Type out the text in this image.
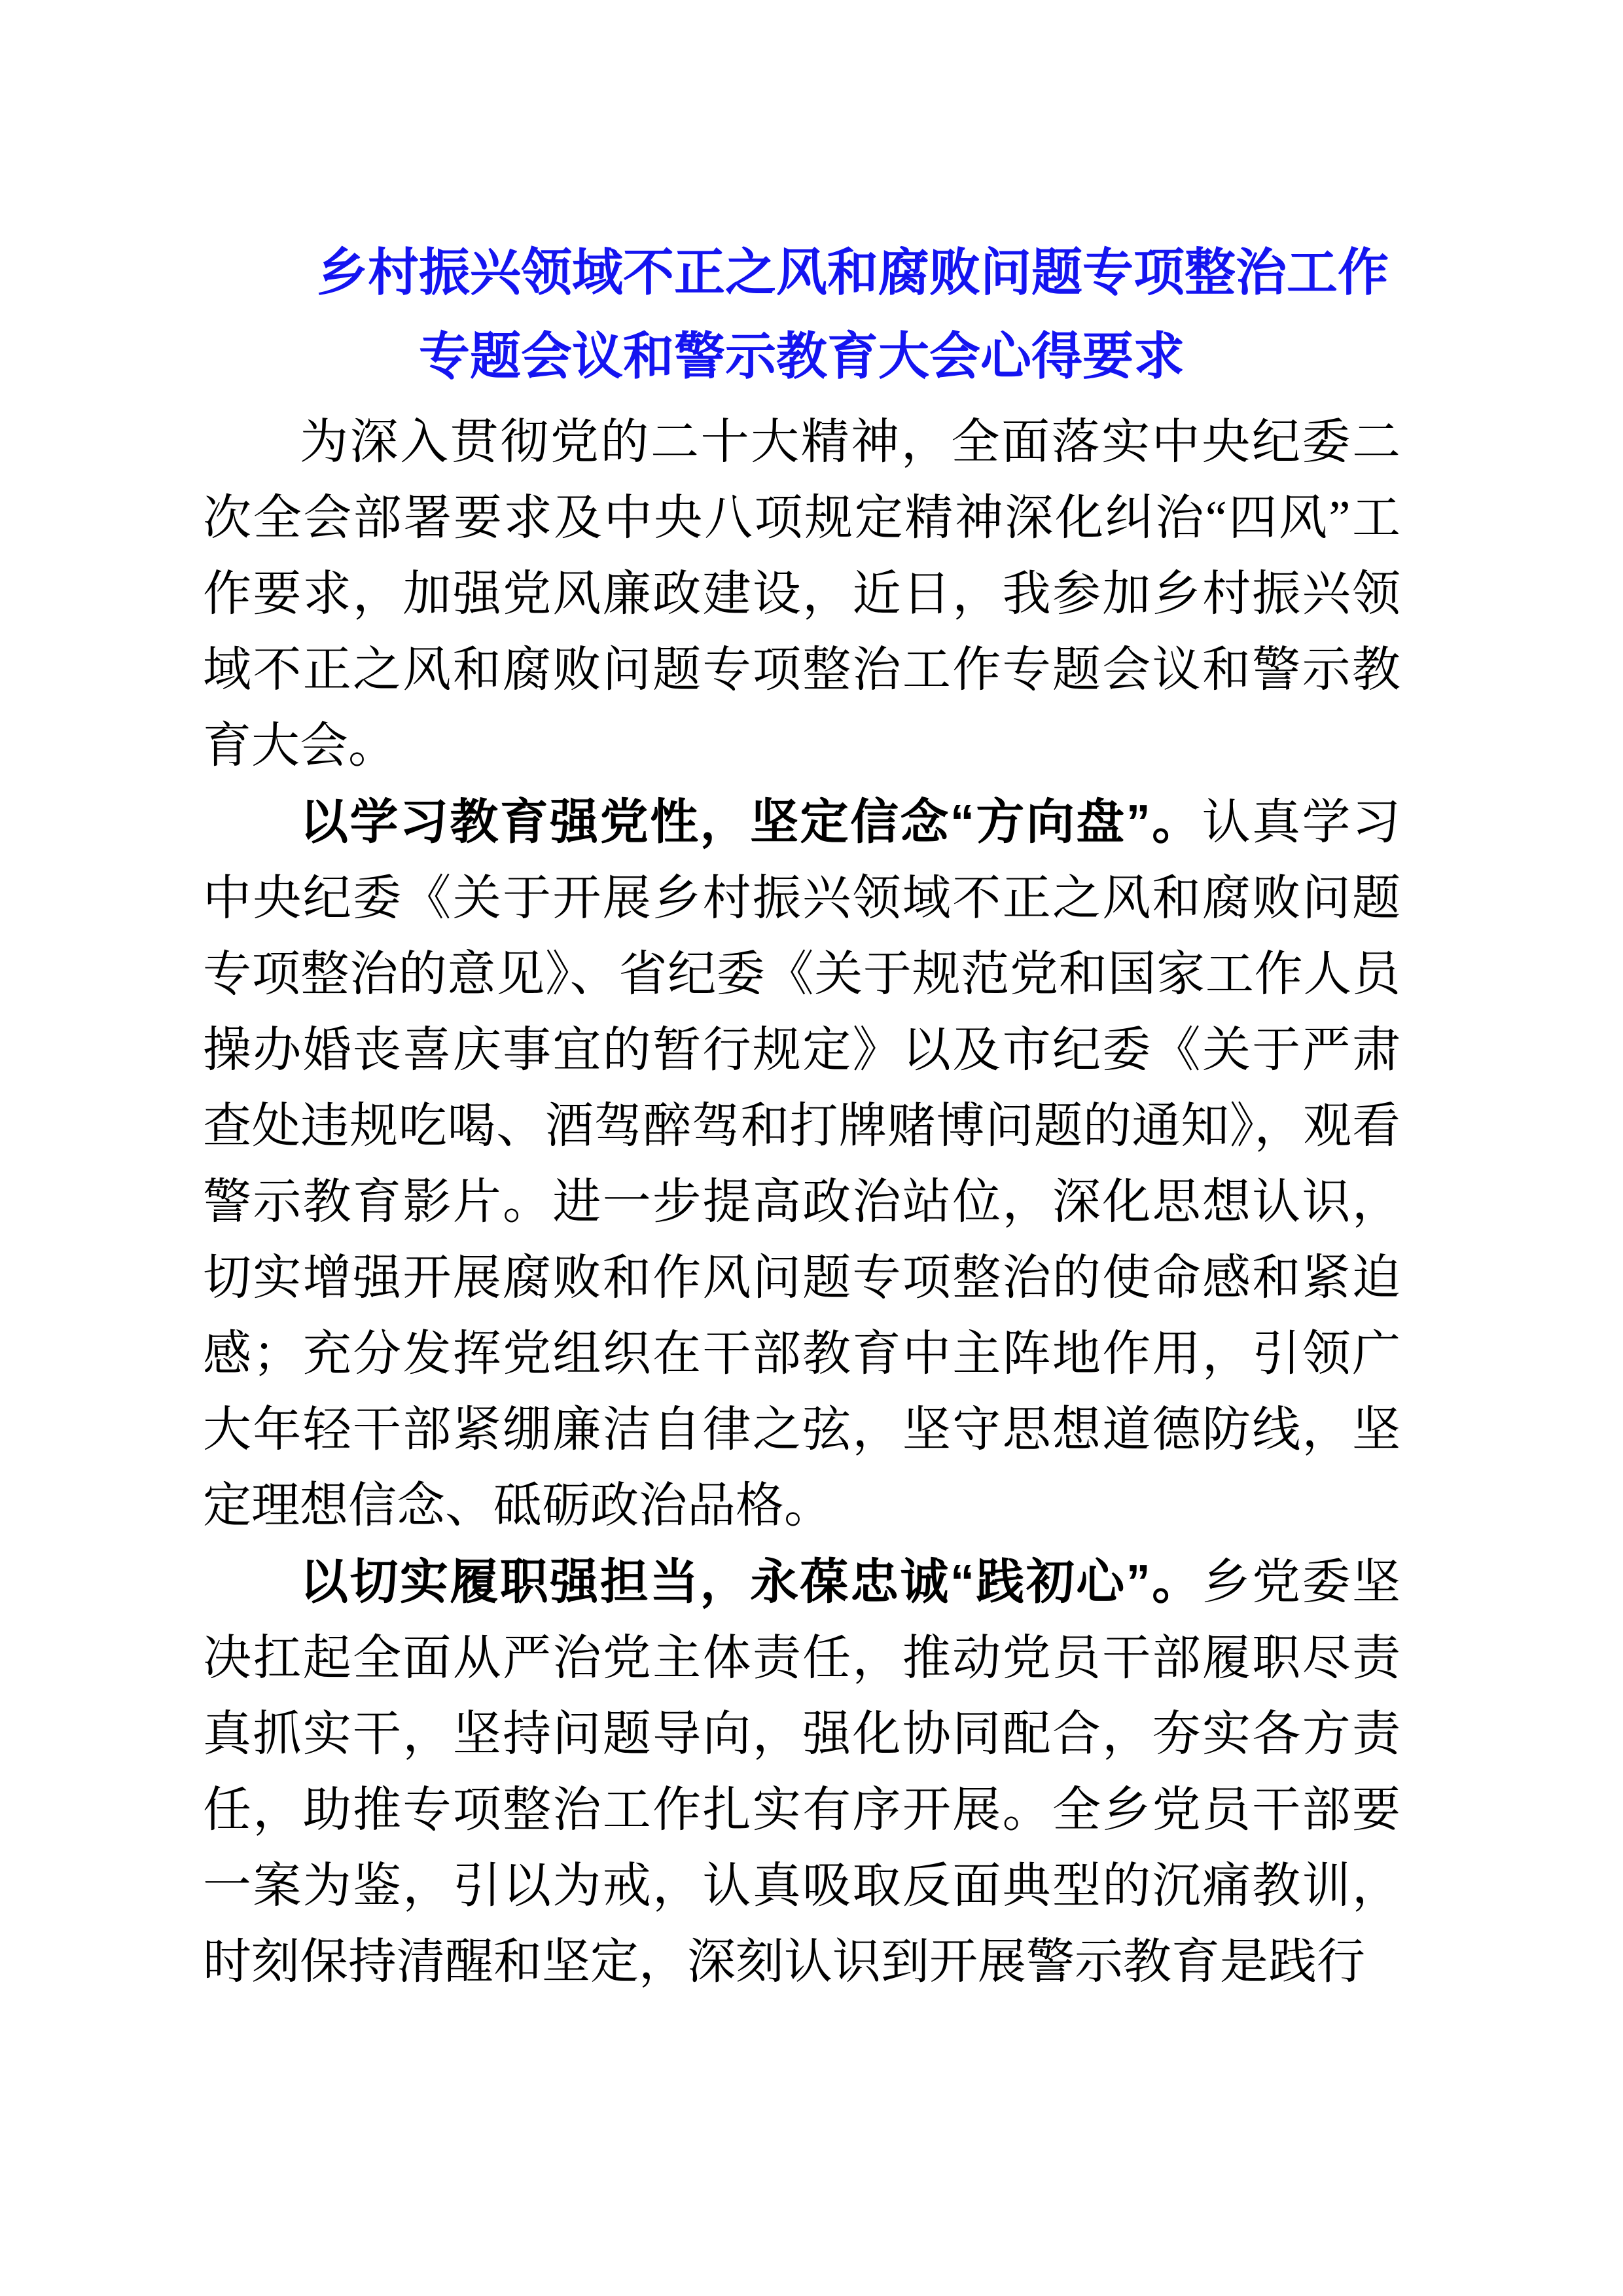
乡村振兴领域不正之风和腐败问题专项整治工作
专题会议和警示教育大会心得要求

为深入贯彻党的二十大精神，全面落实中央纪委二次全会部署要求及中央八项规定精神深化纠治“四风”工作要求，加强党风廉政建设，近日，我参加乡村振兴领域不正之风和腐败问题专项整治工作专题会议和警示教育大会。

以学习教育强党性，坚定信念“方向盘”。认真学习中央纪委《关于开展乡村振兴领域不正之风和腐败问题专项整治的意见》、省纪委《关于规范党和国家工作人员操办婚丧喜庆事宜的暂行规定》以及市纪委《关于严肃查处违规吃喝、酒驾醉驾和打牌赌博问题的通知》，观看警示教育影片。进一步提高政治站位，深化思想认识，切实增强开展腐败和作风问题专项整治的使命感和紧迫感；充分发挥党组织在干部教育中主阵地作用，引领广大年轻干部紧绷廉洁自律之弦，坚守思想道德防线，坚定理想信念、砥砺政治品格。

以切实履职强担当，永葆忠诚“践初心”。乡党委坚决扛起全面从严治党主体责任，推动党员干部履职尽责真抓实干，坚持问题导向，强化协同配合，夯实各方责任，助推专项整治工作扎实有序开展。全乡党员干部要一案为鉴，引以为戒，认真吸取反面典型的沉痛教训，时刻保持清醒和坚定，深刻认识到开展警示教育是践行
